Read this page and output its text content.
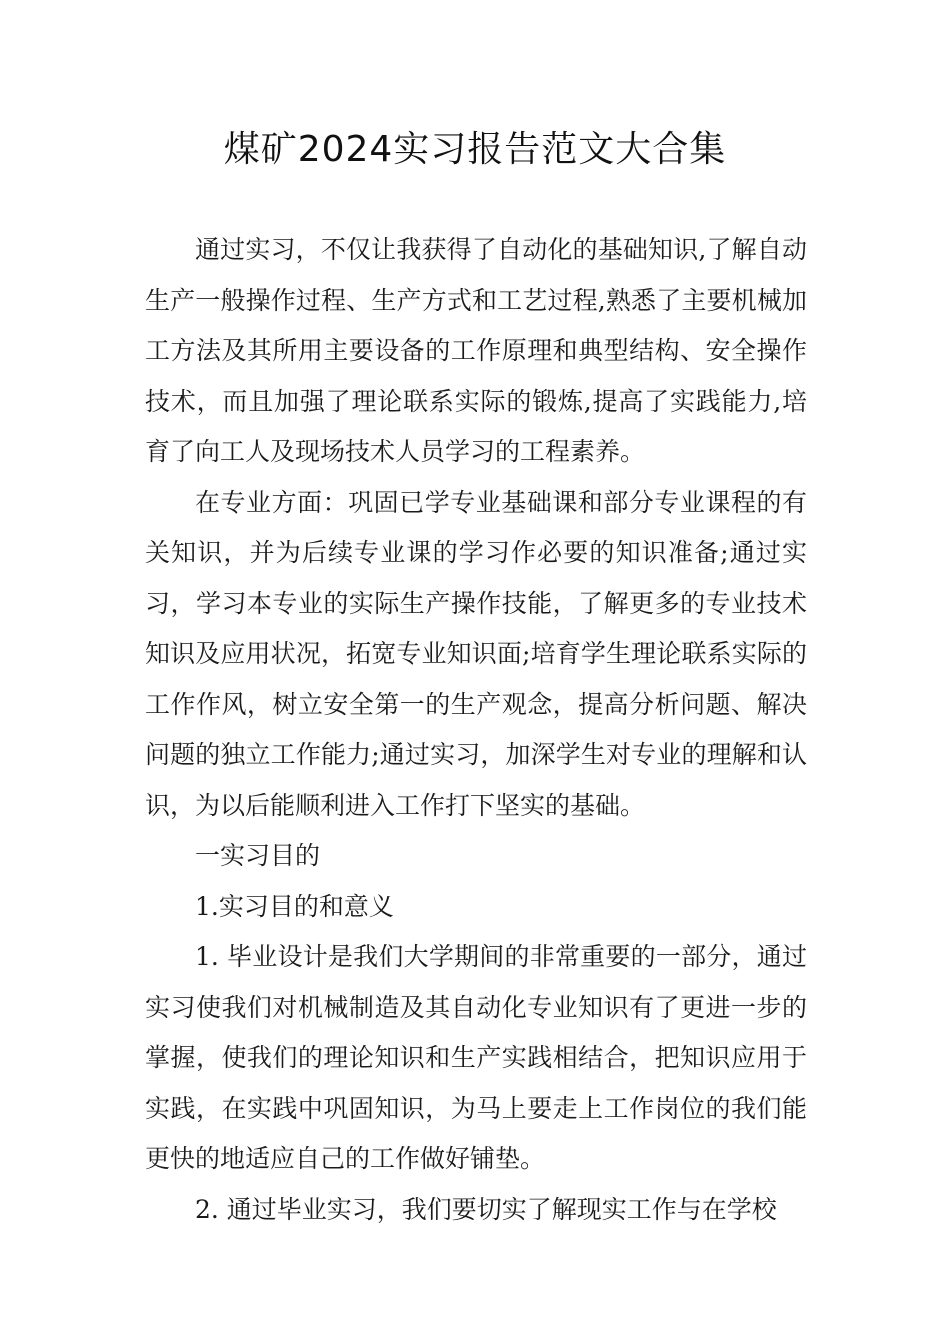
煤矿2024实习报告范文大合集

通过实习，不仅让我获得了自动化的基础知识,了解自动生产一般操作过程、生产方式和工艺过程,熟悉了主要机械加工方法及其所用主要设备的工作原理和典型结构、安全操作技术，而且加强了理论联系实际的锻炼,提高了实践能力,培育了向工人及现场技术人员学习的工程素养。

在专业方面：巩固已学专业基础课和部分专业课程的有关知识，并为后续专业课的学习作必要的知识准备;通过实习，学习本专业的实际生产操作技能，了解更多的专业技术知识及应用状况，拓宽专业知识面;培育学生理论联系实际的工作作风，树立安全第一的生产观念，提高分析问题、解决问题的独立工作能力;通过实习，加深学生对专业的理解和认识，为以后能顺利进入工作打下坚实的基础。

一实习目的

1.实习目的和意义

1. 毕业设计是我们大学期间的非常重要的一部分，通过实习使我们对机械制造及其自动化专业知识有了更进一步的掌握，使我们的理论知识和生产实践相结合，把知识应用于实践，在实践中巩固知识，为马上要走上工作岗位的我们能更快的地适应自己的工作做好铺垫。

2. 通过毕业实习，我们要切实了解现实工作与在学校
